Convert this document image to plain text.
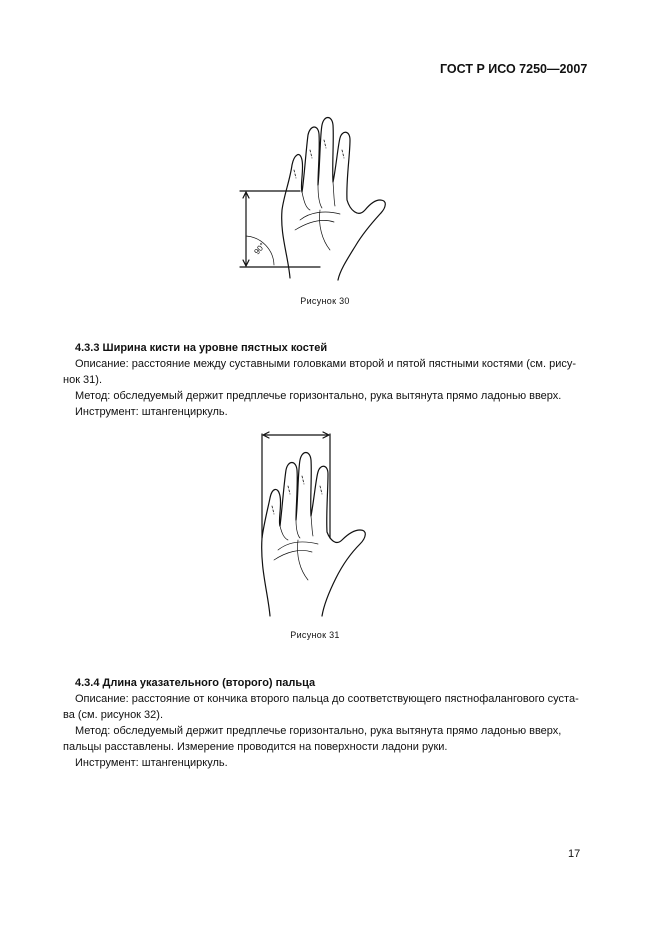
ГОСТ Р ИСО 7250—2007
90°
Рисунок 30

4.3.3 Ширина кисти на уровне пястных костей

Описание: расстояние между суставными головками второй и пятой пястными костями (см. рису-

нок 31).

Метод: обследуемый держит предплечье горизонтально, рука вытянута прямо ладонью вверх.

Инструмент: штангенциркуль.

Рисунок 31

4.3.4 Длина указательного (второго) пальца

Описание: расстояние от кончика второго пальца до соответствующего пястнофалангового суста-

ва (см. рисунок 32).

Метод: обследуемый держит предплечье горизонтально, рука вытянута прямо ладонью вверх,

пальцы расставлены. Измерение проводится на поверхности ладони руки.

Инструмент: штангенциркуль.

17
